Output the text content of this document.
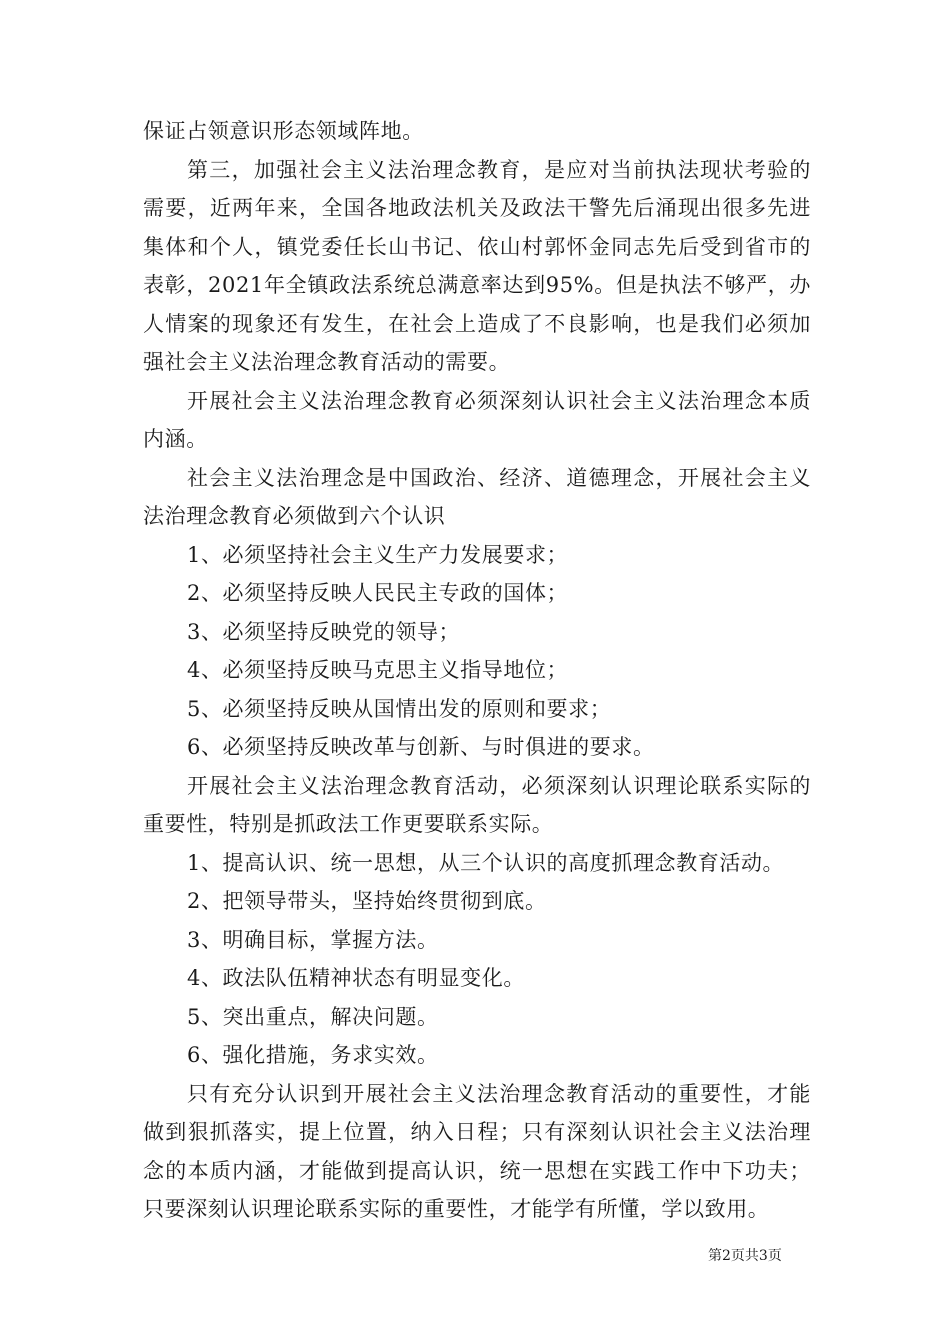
保证占领意识形态领域阵地。

第三，加强社会主义法治理念教育，是应对当前执法现状考验的需要，近两年来，全国各地政法机关及政法干警先后涌现出很多先进集体和个人，镇党委任长山书记、依山村郭怀金同志先后受到省市的表彰，2021年全镇政法系统总满意率达到95%。但是执法不够严，办人情案的现象还有发生，在社会上造成了不良影响，也是我们必须加强社会主义法治理念教育活动的需要。

开展社会主义法治理念教育必须深刻认识社会主义法治理念本质内涵。

社会主义法治理念是中国政治、经济、道德理念，开展社会主义法治理念教育必须做到六个认识

1、必须坚持社会主义生产力发展要求；

2、必须坚持反映人民民主专政的国体；

3、必须坚持反映党的领导；

4、必须坚持反映马克思主义指导地位；

5、必须坚持反映从国情出发的原则和要求；

6、必须坚持反映改革与创新、与时俱进的要求。

开展社会主义法治理念教育活动，必须深刻认识理论联系实际的重要性，特别是抓政法工作更要联系实际。

1、提高认识、统一思想，从三个认识的高度抓理念教育活动。

2、把领导带头，坚持始终贯彻到底。

3、明确目标，掌握方法。

4、政法队伍精神状态有明显变化。

5、突出重点，解决问题。

6、强化措施，务求实效。

只有充分认识到开展社会主义法治理念教育活动的重要性，才能做到狠抓落实，提上位置，纳入日程；只有深刻认识社会主义法治理念的本质内涵，才能做到提高认识，统一思想在实践工作中下功夫；只要深刻认识理论联系实际的重要性，才能学有所懂，学以致用。

第2页共3页
